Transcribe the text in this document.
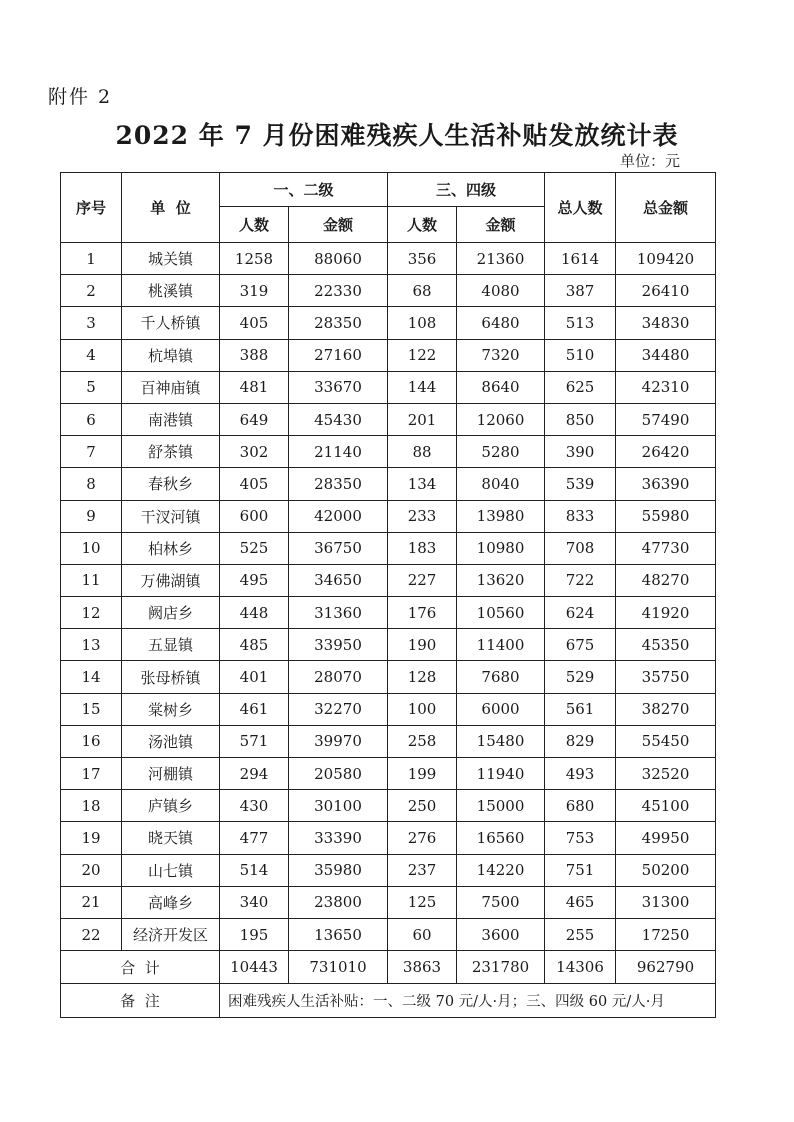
附件 2
2022 年 7 月份困难残疾人生活补贴发放统计表
单位：元
序号	单  位	一、二级		三、四级		总人数	总金额
		人数	金额	人数	金额		
1	城关镇	1258	88060	356	21360	1614	109420
2	桃溪镇	319	22330	68	4080	387	26410
3	千人桥镇	405	28350	108	6480	513	34830
4	杭埠镇	388	27160	122	7320	510	34480
5	百神庙镇	481	33670	144	8640	625	42310
6	南港镇	649	45430	201	12060	850	57490
7	舒茶镇	302	21140	88	5280	390	26420
8	春秋乡	405	28350	134	8040	539	36390
9	干汊河镇	600	42000	233	13980	833	55980
10	柏林乡	525	36750	183	10980	708	47730
11	万佛湖镇	495	34650	227	13620	722	48270
12	阙店乡	448	31360	176	10560	624	41920
13	五显镇	485	33950	190	11400	675	45350
14	张母桥镇	401	28070	128	7680	529	35750
15	棠树乡	461	32270	100	6000	561	38270
16	汤池镇	571	39970	258	15480	829	55450
17	河棚镇	294	20580	199	11940	493	32520
18	庐镇乡	430	30100	250	15000	680	45100
19	晓天镇	477	33390	276	16560	753	49950
20	山七镇	514	35980	237	14220	751	50200
21	高峰乡	340	23800	125	7500	465	31300
22	经济开发区	195	13650	60	3600	255	17250
合  计		10443	731010	3863	231780	14306	962790
备  注		困难残疾人生活补贴：一、二级 70 元/人·月；三、四级 60 元/人·月					
